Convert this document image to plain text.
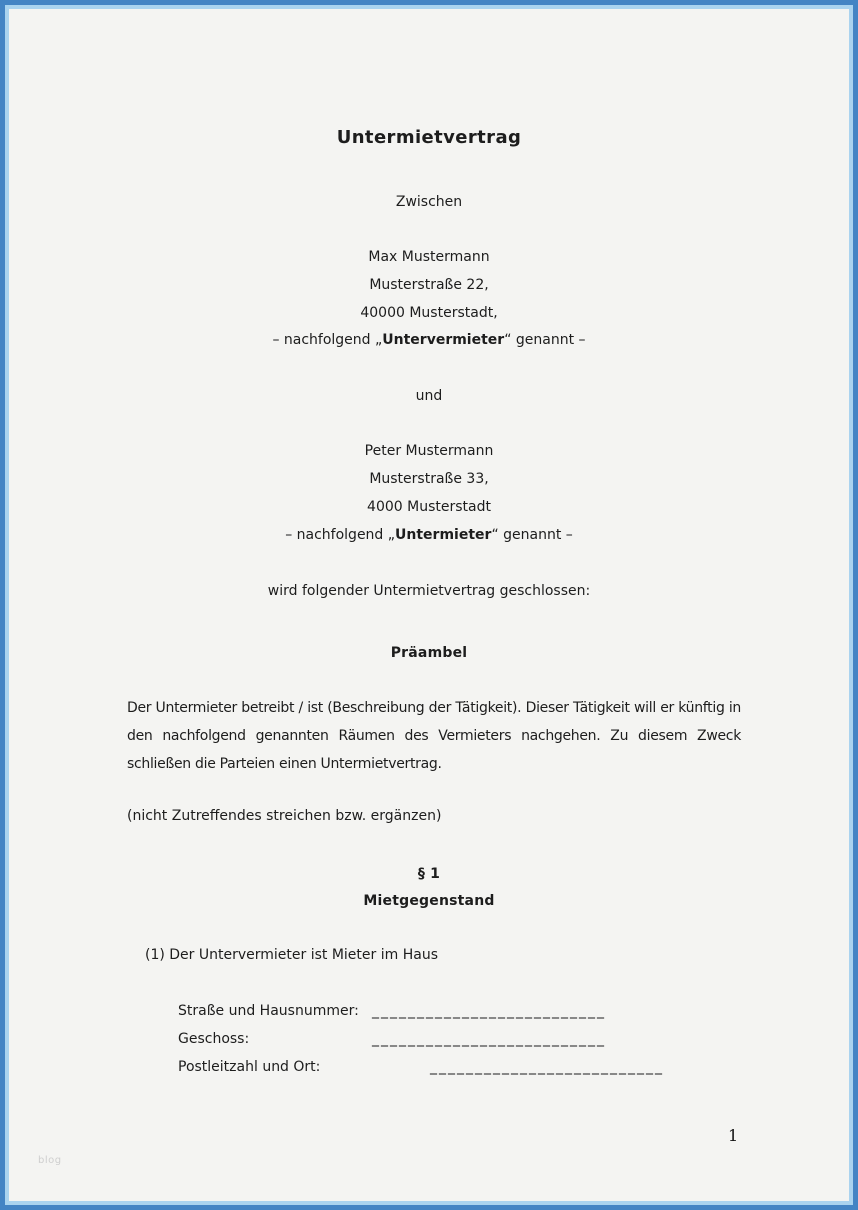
Untermietvertrag
Zwischen
Max Mustermann
Musterstraße 22,
40000 Musterstadt,
– nachfolgend „Untervermieter“ genannt –
und
Peter Mustermann
Musterstraße 33,
4000 Musterstadt
– nachfolgend „Untermieter“ genannt –
wird folgender Untermietvertrag geschlossen:
Präambel
Der Untermieter betreibt / ist (Beschreibung der Tätigkeit). Dieser Tätigkeit will er künftig in den nachfolgend genannten Räumen des Vermieters nachgehen. Zu diesem Zweck schließen die Parteien einen Untermietvertrag.
(nicht Zutreffendes streichen bzw. ergänzen)
§ 1
Mietgegenstand
(1) Der Untervermieter ist Mieter im Haus
Straße und Hausnummer: __________________________
Geschoss:	__________________________
Postleitzahl und Ort:	__________________________
1
blog
